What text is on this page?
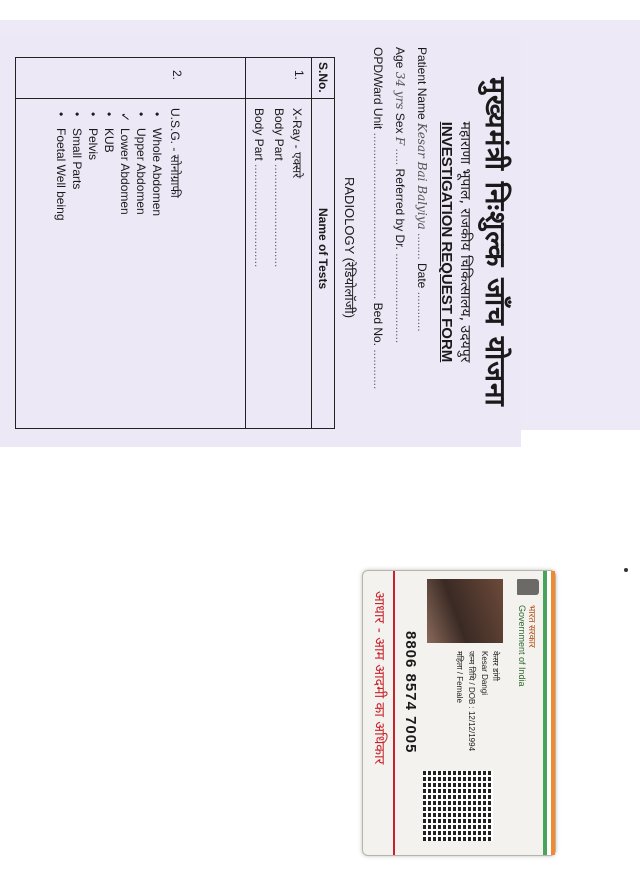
मुख्यमंत्री निःशुल्क जाँच योजना
महाराणा भूपाल, राजकीय चिकित्सालय, उदयपुर
INVESTIGATION REQUEST FORM
Patient Name Kesar Bai Balyiya ........ Date ............
Age 34 yrs Sex F ..... Referred by Dr. ...........................
OPD/Ward Unit .................................................. Bed No. ............
RADIOLOGY (रेडियोलॉजी)
S.No.
Name of Tests
1.
X-Ray - एक्सरे
Body Part ...............................
Body Part ...............................
2.
U.S.G. - सोनोग्राफी
•Whole Abdomen
•Upper Abdomen
✓Lower Abdomen
•KUB
•Pelvis
•Small Parts
•Foetal Well being
भारत सरकार
Government of India
केसर डांगी
Kesar Dangi
जन्म तिथि / DOB : 12/12/1994
महिला / Female
8806 8574 7005
आधार - आम आदमी का अधिकार
